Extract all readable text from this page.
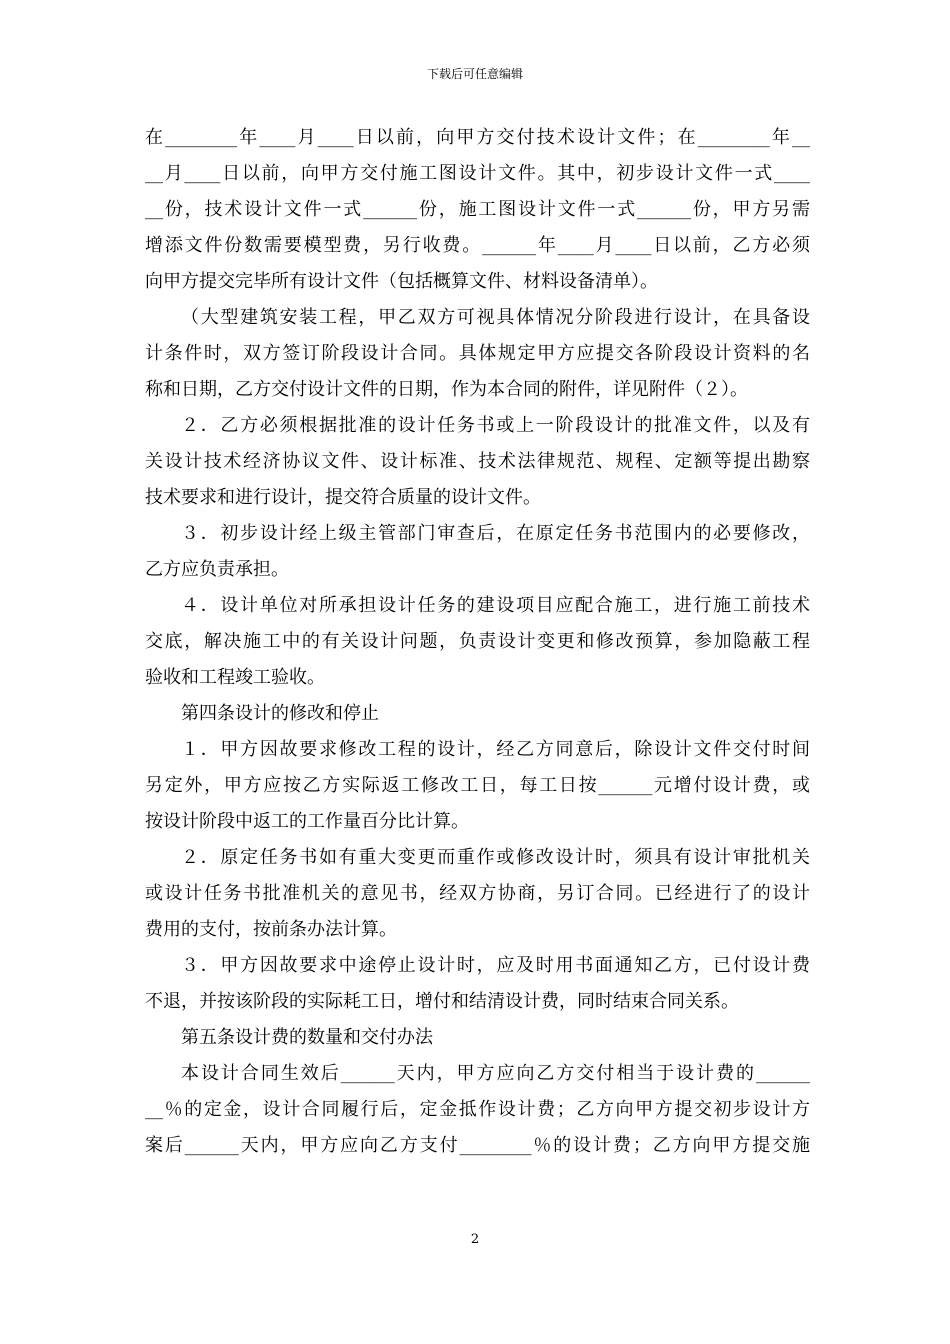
下载后可任意编辑
在________年____月____日以前，向甲方交付技术设计文件；在________年__
__月____日以前，向甲方交付施工图设计文件。其中，初步设计文件一式____
__份，技术设计文件一式______份，施工图设计文件一式______份，甲方另需
增添文件份数需要模型费，另行收费。______年____月____日以前，乙方必须
向甲方提交完毕所有设计文件（包括概算文件、材料设备清单）。
（大型建筑安装工程，甲乙双方可视具体情况分阶段进行设计，在具备设
计条件时，双方签订阶段设计合同。具体规定甲方应提交各阶段设计资料的名
称和日期，乙方交付设计文件的日期，作为本合同的附件，详见附件（２）。
２．乙方必须根据批准的设计任务书或上一阶段设计的批准文件，以及有
关设计技术经济协议文件、设计标准、技术法律规范、规程、定额等提出勘察
技术要求和进行设计，提交符合质量的设计文件。
３．初步设计经上级主管部门审查后，在原定任务书范围内的必要修改，
乙方应负责承担。
４．设计单位对所承担设计任务的建设项目应配合施工，进行施工前技术
交底，解决施工中的有关设计问题，负责设计变更和修改预算，参加隐蔽工程
验收和工程竣工验收。
第四条设计的修改和停止
１．甲方因故要求修改工程的设计，经乙方同意后，除设计文件交付时间
另定外，甲方应按乙方实际返工修改工日，每工日按______元增付设计费，或
按设计阶段中返工的工作量百分比计算。
２．原定任务书如有重大变更而重作或修改设计时，须具有设计审批机关
或设计任务书批准机关的意见书，经双方协商，另订合同。已经进行了的设计
费用的支付，按前条办法计算。
３．甲方因故要求中途停止设计时，应及时用书面通知乙方，已付设计费
不退，并按该阶段的实际耗工日，增付和结清设计费，同时结束合同关系。
第五条设计费的数量和交付办法
本设计合同生效后______天内，甲方应向乙方交付相当于设计费的______
__％的定金，设计合同履行后，定金抵作设计费；乙方向甲方提交初步设计方
案后______天内，甲方应向乙方支付________％的设计费；乙方向甲方提交施
2
